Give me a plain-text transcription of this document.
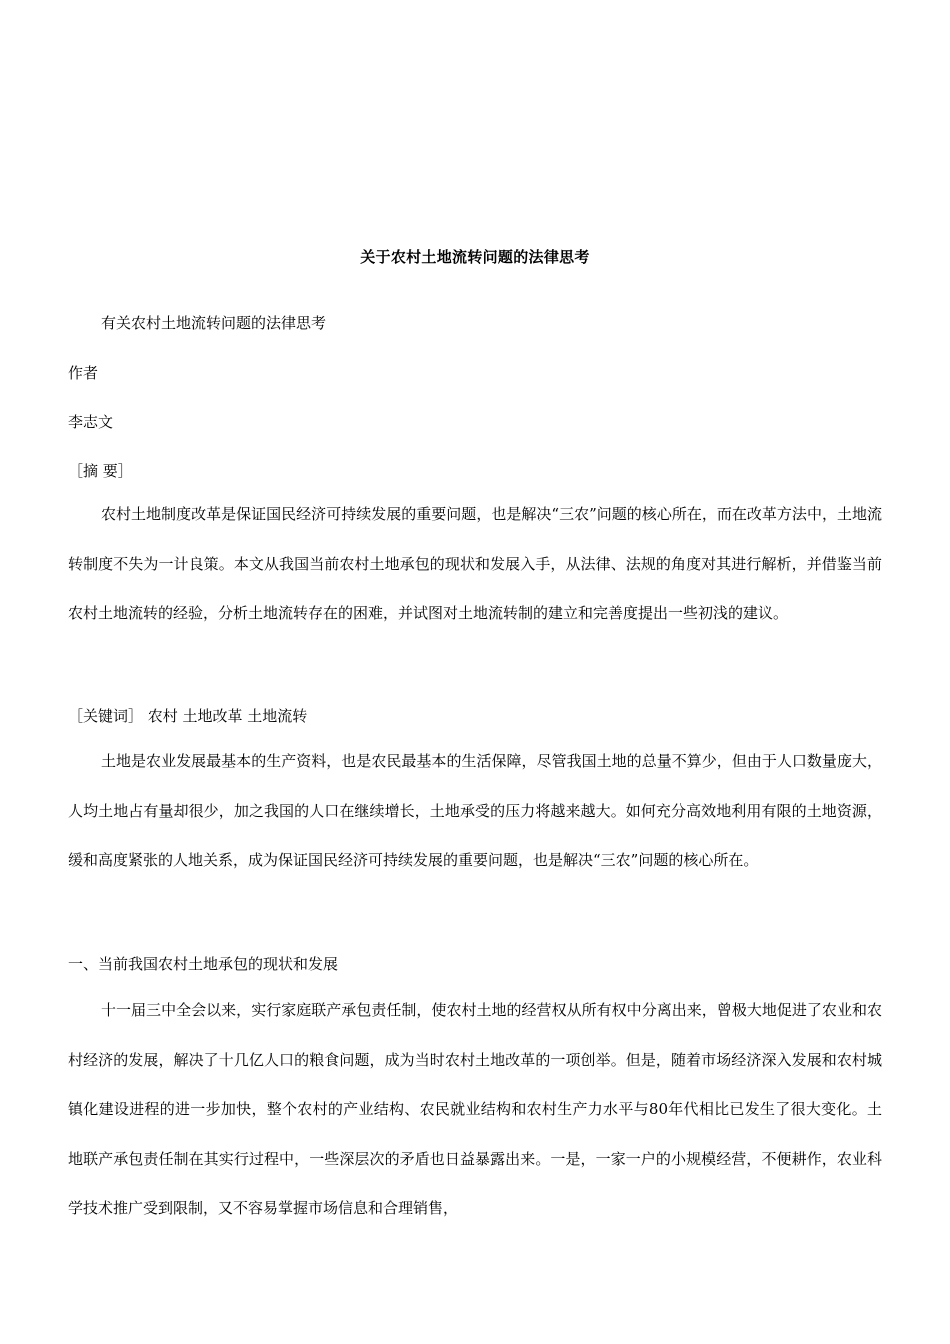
关于农村土地流转问题的法律思考
有关农村土地流转问题的法律思考
作者
李志文
［摘 要］

农村土地制度改革是保证国民经济可持续发展的重要问题，也是解决“三农”问题的核心所在，而在改革方法中，土地流转制度不失为一计良策。本文从我国当前农村土地承包的现状和发展入手，从法律、法规的角度对其进行解析，并借鉴当前农村土地流转的经验，分析土地流转存在的困难，并试图对土地流转制的建立和完善度提出一些初浅的建议。

［关键词］ 农村 土地改革 土地流转

土地是农业发展最基本的生产资料，也是农民最基本的生活保障，尽管我国土地的总量不算少，但由于人口数量庞大，人均土地占有量却很少，加之我国的人口在继续增长，土地承受的压力将越来越大。如何充分高效地利用有限的土地资源，缓和高度紧张的人地关系，成为保证国民经济可持续发展的重要问题，也是解决“三农”问题的核心所在。

一、当前我国农村土地承包的现状和发展

十一届三中全会以来，实行家庭联产承包责任制，使农村土地的经营权从所有权中分离出来，曾极大地促进了农业和农村经济的发展，解决了十几亿人口的粮食问题，成为当时农村土地改革的一项创举。但是，随着市场经济深入发展和农村城镇化建设进程的进一步加快，整个农村的产业结构、农民就业结构和农村生产力水平与80年代相比已发生了很大变化。土地联产承包责任制在其实行过程中，一些深层次的矛盾也日益暴露出来。一是，一家一户的小规模经营，不便耕作，农业科学技术推广受到限制，又不容易掌握市场信息和合理销售，
